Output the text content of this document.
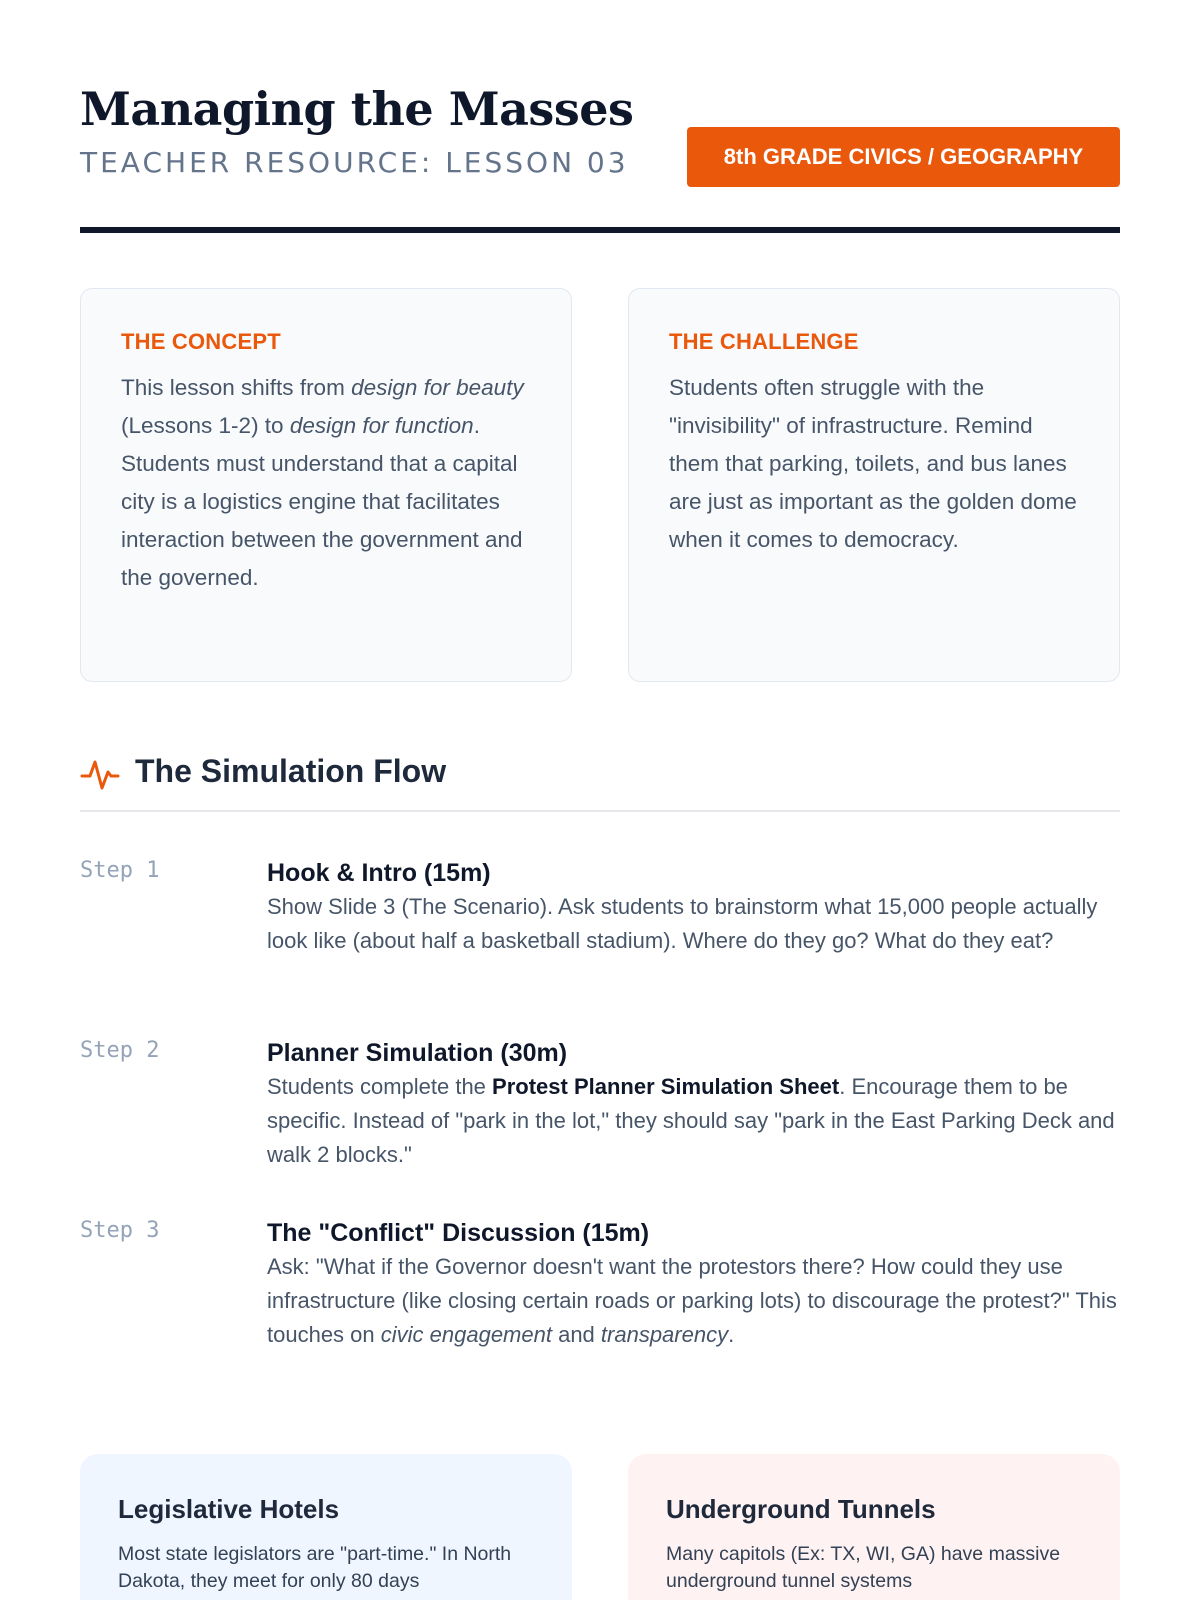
Managing the Masses
TEACHER RESOURCE: LESSON 03	8th GRADE CIVICS / GEOGRAPHY
THE CONCEPT

This lesson shifts from design for beauty (Lessons 1-2) to design for function. Students must understand that a capital city is a logistics engine that facilitates interaction between the government and the governed.

THE CHALLENGE

Students often struggle with the "invisibility" of infrastructure. Remind them that parking, toilets, and bus lanes are just as important as the golden dome when it comes to democracy.

The Simulation Flow
Step 1	Hook & Intro (15m)

Show Slide 3 (The Scenario). Ask students to brainstorm what 15,000 people actually look like (about half a basketball stadium). Where do they go? What do they eat?

Step 2	Planner Simulation (30m)

Students complete the Protest Planner Simulation Sheet. Encourage them to be specific. Instead of "park in the lot," they should say "park in the East Parking Deck and walk 2 blocks."

Step 3	The "Conflict" Discussion (15m)

Ask: "What if the Governor doesn't want the protestors there? How could they use infrastructure (like closing certain roads or parking lots) to discourage the protest?" This touches on civic engagement and transparency.

Legislative Hotels

Most state legislators are "part-time." In North Dakota, they meet for only 80 days

Underground Tunnels

Many capitols (Ex: TX, WI, GA) have massive underground tunnel systems
